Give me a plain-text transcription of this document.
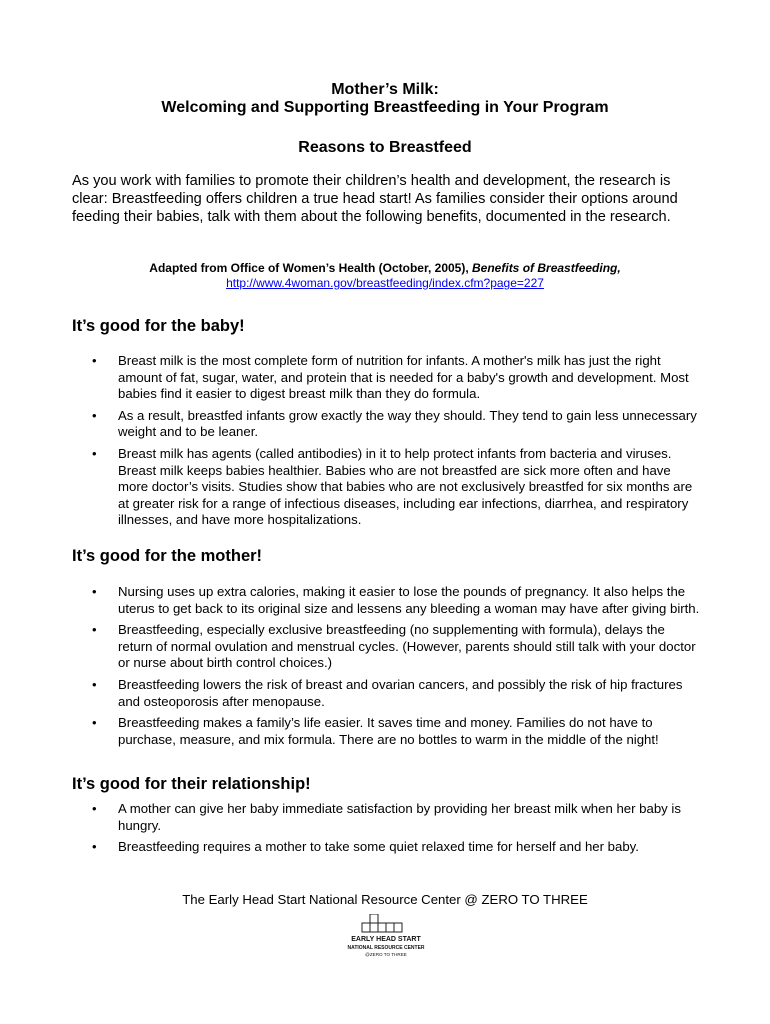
Mother’s Milk:
Welcoming and Supporting Breastfeeding in Your Program
Reasons to Breastfeed
As you work with families to promote their children’s health and development, the research is clear: Breastfeeding offers children a true head start! As families consider their options around feeding their babies, talk with them about the following benefits, documented in the research.
Adapted from Office of Women’s Health (October, 2005), Benefits of Breastfeeding,
http://www.4woman.gov/breastfeeding/index.cfm?page=227
It’s good for the baby!
• Breast milk is the most complete form of nutrition for infants. A mother's milk has just the right amount of fat, sugar, water, and protein that is needed for a baby's growth and development. Most babies find it easier to digest breast milk than they do formula.
• As a result, breastfed infants grow exactly the way they should. They tend to gain less unnecessary weight and to be leaner.
• Breast milk has agents (called antibodies) in it to help protect infants from bacteria and viruses. Breast milk keeps babies healthier. Babies who are not breastfed are sick more often and have more doctor’s visits. Studies show that babies who are not exclusively breastfed for six months are at greater risk for a range of infectious diseases, including ear infections, diarrhea, and respiratory illnesses, and have more hospitalizations.
It’s good for the mother!
• Nursing uses up extra calories, making it easier to lose the pounds of pregnancy. It also helps the uterus to get back to its original size and lessens any bleeding a woman may have after giving birth.
• Breastfeeding, especially exclusive breastfeeding (no supplementing with formula), delays the return of normal ovulation and menstrual cycles. (However, parents should still talk with your doctor or nurse about birth control choices.)
• Breastfeeding lowers the risk of breast and ovarian cancers, and possibly the risk of hip fractures and osteoporosis after menopause.
• Breastfeeding makes a family’s life easier. It saves time and money. Families do not have to purchase, measure, and mix formula. There are no bottles to warm in the middle of the night!
It’s good for their relationship!
• A mother can give her baby immediate satisfaction by providing her breast milk when her baby is hungry.
• Breastfeeding requires a mother to take some quiet relaxed time for herself and her baby.
The Early Head Start National Resource Center @ ZERO TO THREE
EARLY HEAD START
NATIONAL RESOURCE CENTER
@ZERO TO THREE
